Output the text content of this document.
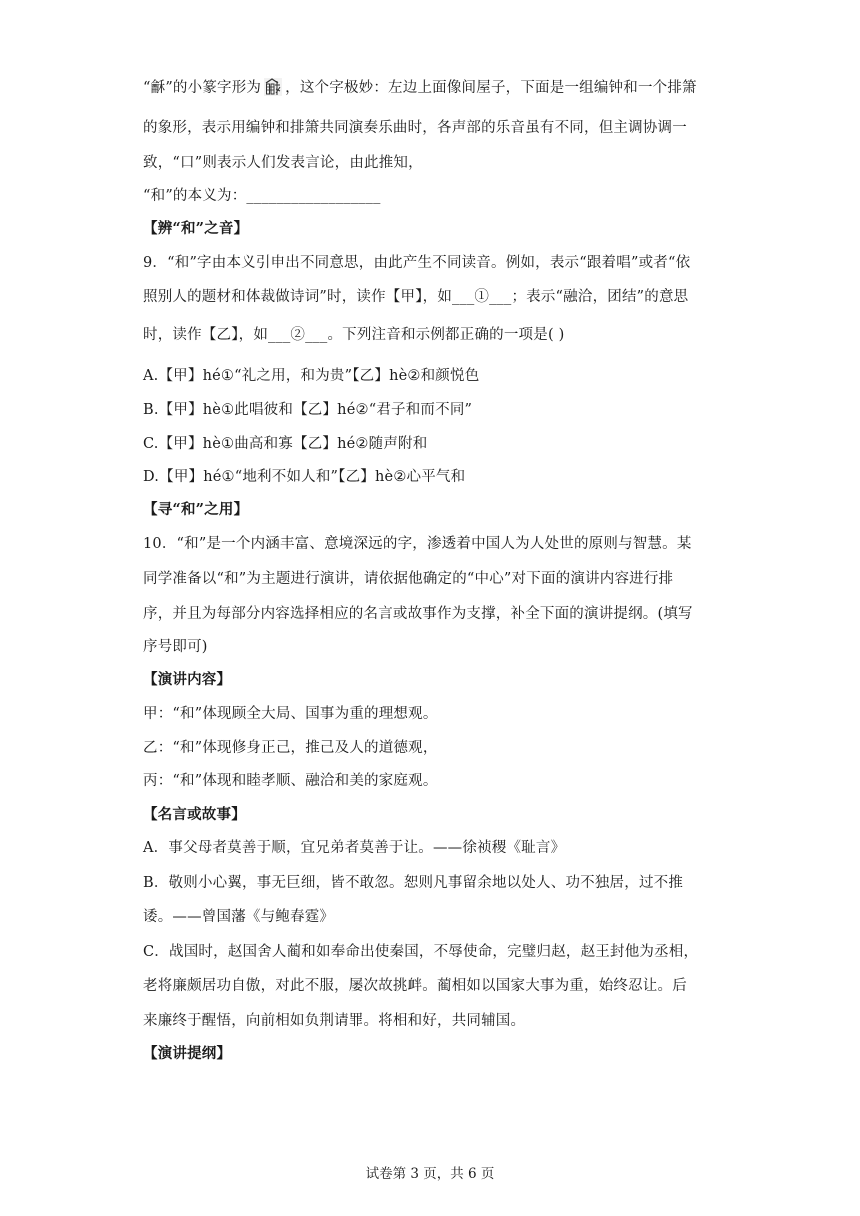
“龢”的小篆字形为 ，这个字极妙：左边上面像间屋子，下面是一组编钟和一个排箫
的象形，表示用编钟和排箫共同演奏乐曲时，各声部的乐音虽有不同，但主调协调一
致，“口”则表示人们发表言论，由此推知，
“和”的本义为：__________________
【辨“和”之音】
9．“和”字由本义引申出不同意思，由此产生不同读音。例如，表示“跟着唱”或者“依
照别人的题材和体裁做诗词”时，读作【甲】，如___①___；表示“融洽，团结”的意思
时，读作【乙】，如___②___。下列注音和示例都正确的一项是( )
A.【甲】hé①“礼之用，和为贵”【乙】hè②和颜悦色
B.【甲】hè①此唱彼和【乙】hé②“君子和而不同”
C.【甲】hè①曲高和寡【乙】hé②随声附和
D.【甲】hé①“地利不如人和”【乙】hè②心平气和
【寻“和”之用】
10．“和”是一个内涵丰富、意境深远的字，渗透着中国人为人处世的原则与智慧。某
同学准备以“和”为主题进行演讲，请依据他确定的“中心”对下面的演讲内容进行排
序，并且为每部分内容选择相应的名言或故事作为支撑，补全下面的演讲提纲。(填写
序号即可)
【演讲内容】
甲：“和”体现顾全大局、国事为重的理想观。
乙：“和”体现修身正己，推己及人的道德观，
丙：“和”体现和睦孝顺、融洽和美的家庭观。
【名言或故事】
A．事父母者莫善于顺，宜兄弟者莫善于让。——徐祯稷《耻言》
B．敬则小心翼，事无巨细，皆不敢忽。恕则凡事留余地以处人、功不独居，过不推
诿。——曾国藩《与鲍春霆》
C．战国时，赵国舍人蔺和如奉命出使秦国，不辱使命，完璧归赵，赵王封他为丞相，
老将廉颇居功自傲，对此不服，屡次故挑衅。蔺相如以国家大事为重，始终忍让。后
来廉终于醒悟，向前相如负荆请罪。将相和好，共同辅国。
【演讲提纲】
试卷第 3 页，共 6 页
